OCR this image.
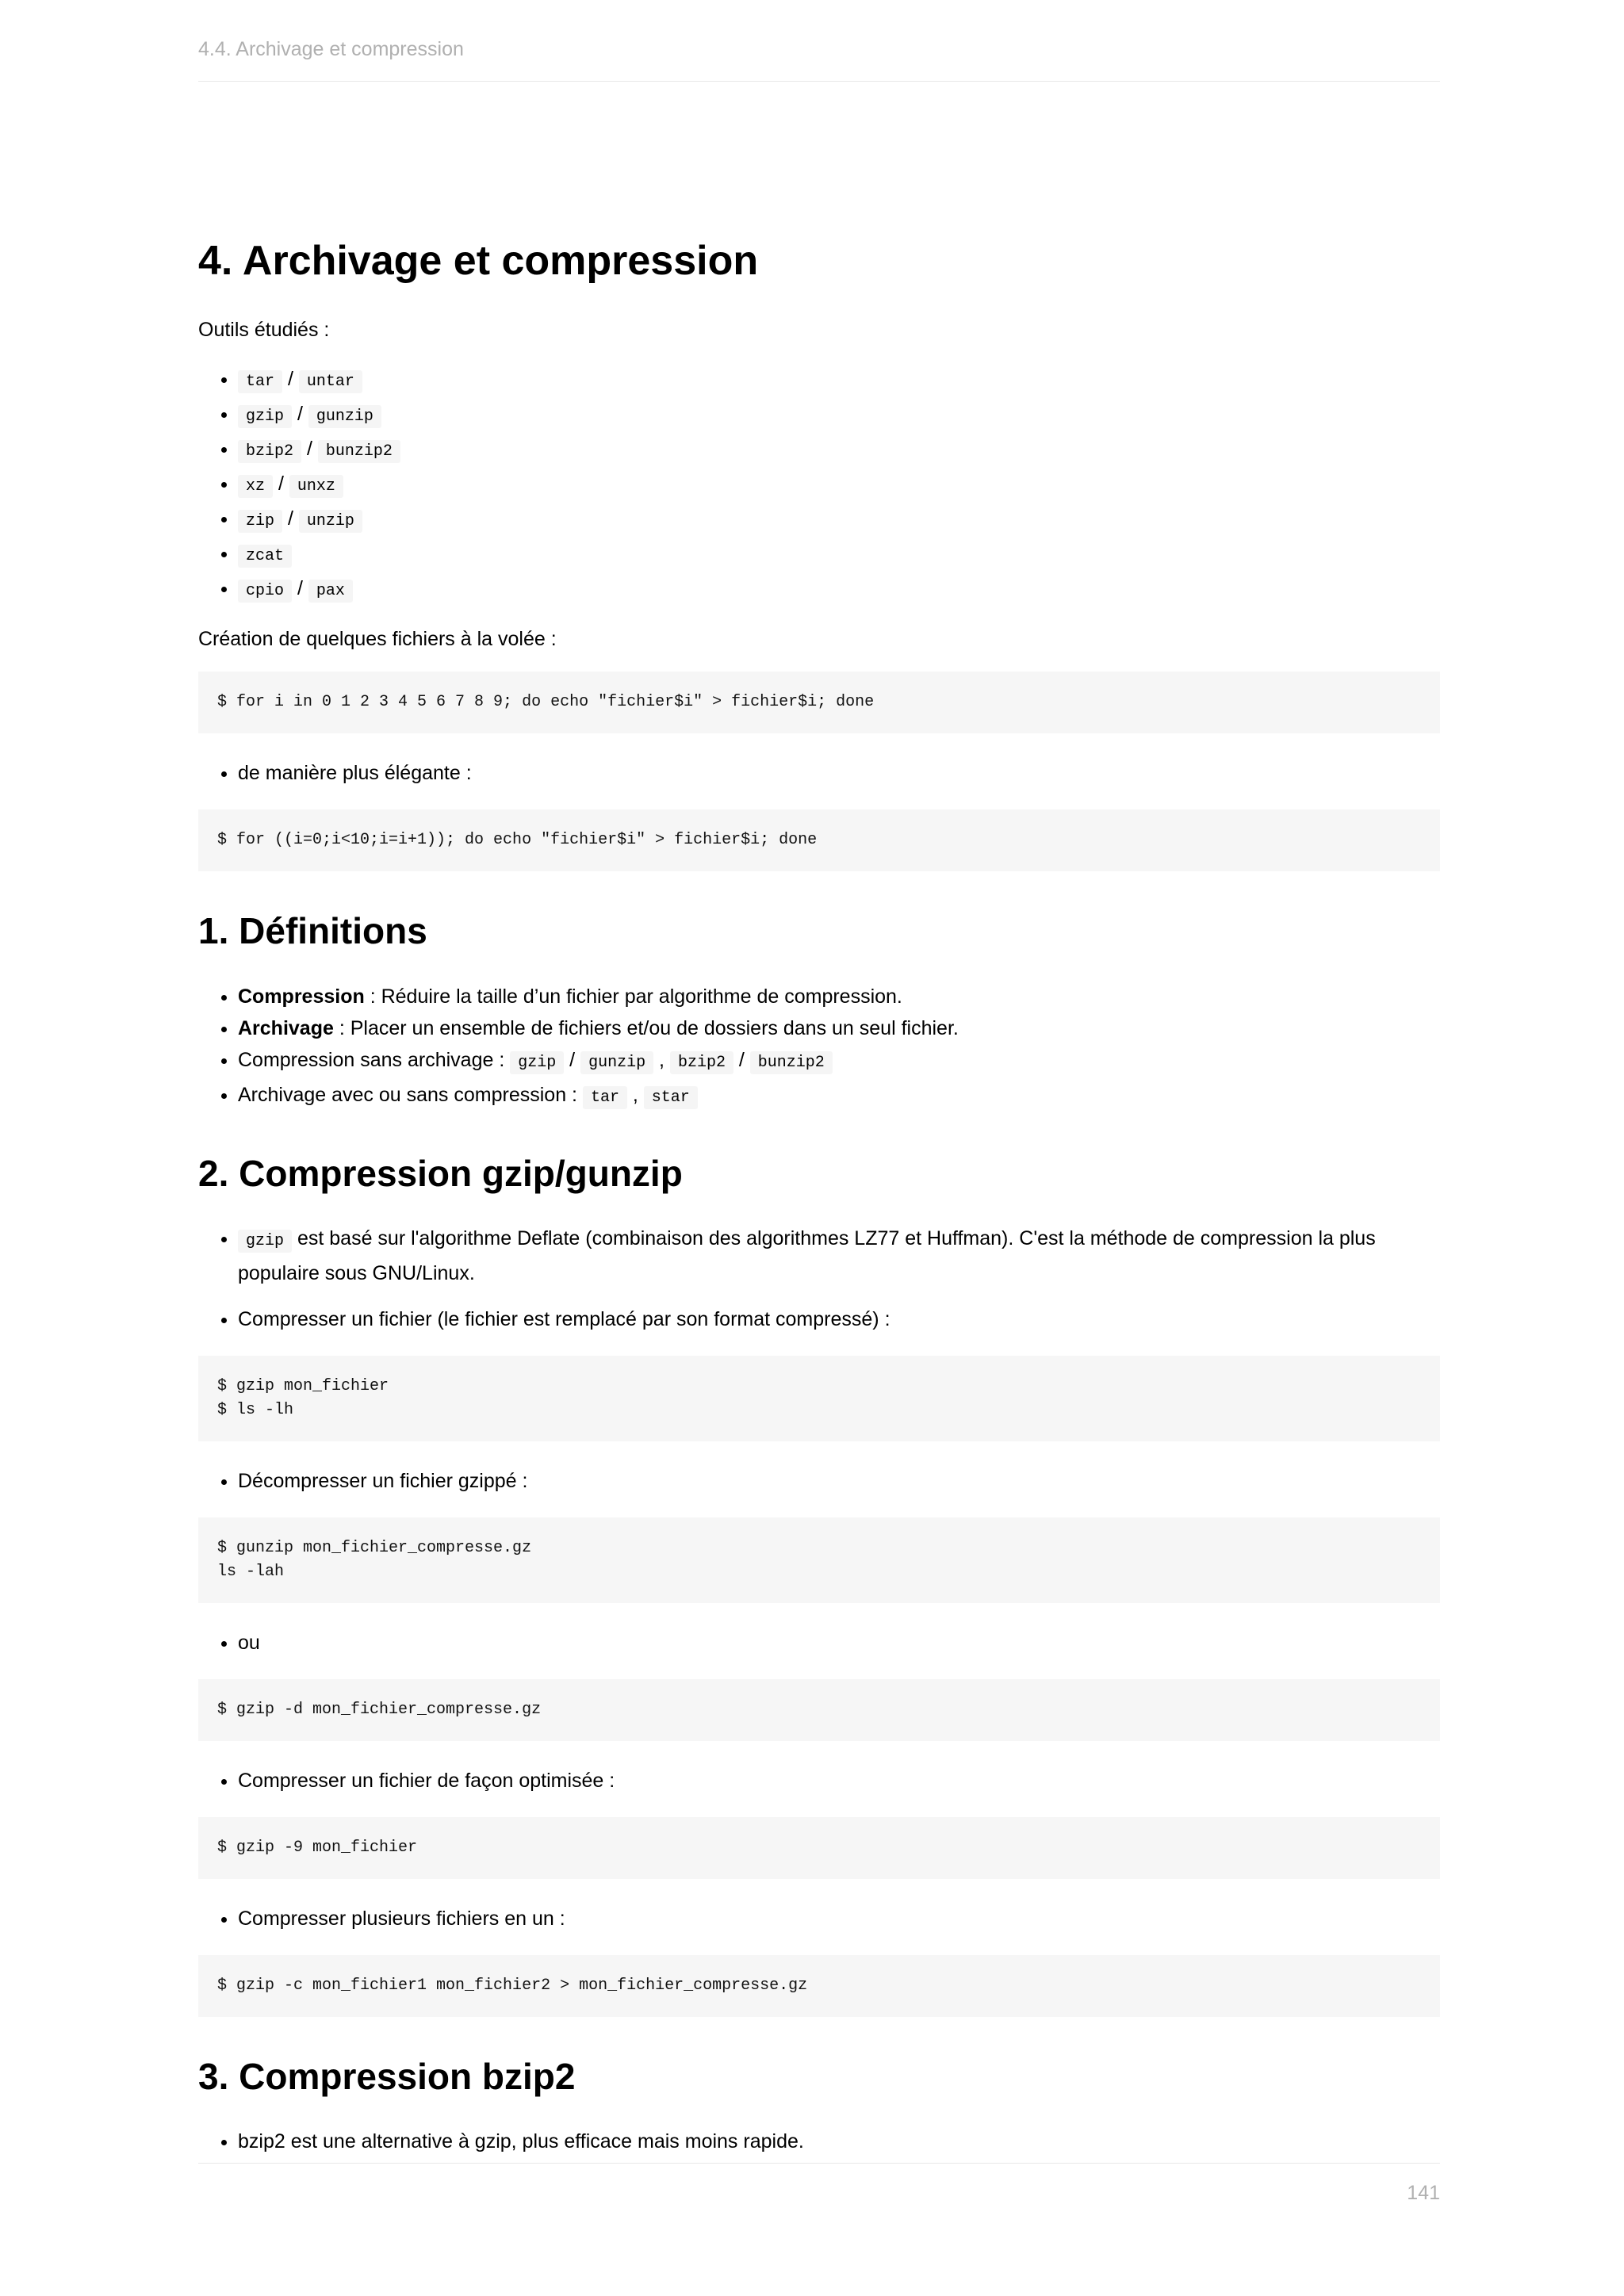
4.4. Archivage et compression
4. Archivage et compression

Outils étudiés :

• tar / untar
• gzip / gunzip
• bzip2 / bunzip2
• xz / unxz
• zip / unzip
• zcat
• cpio / pax

Création de quelques fichiers à la volée :

$ for i in 0 1 2 3 4 5 6 7 8 9; do echo "fichier$i" > fichier$i; done
• de manière plus élégante :
$ for ((i=0;i<10;i=i+1)); do echo "fichier$i" > fichier$i; done
1. Définitions
• Compression : Réduire la taille d’un fichier par algorithme de compression.
• Archivage : Placer un ensemble de fichiers et/ou de dossiers dans un seul fichier.
• Compression sans archivage : gzip / gunzip , bzip2 / bunzip2
• Archivage avec ou sans compression : tar , star
2. Compression gzip/gunzip
• gzip est basé sur l'algorithme Deflate (combinaison des algorithmes LZ77 et Huffman). C'est la méthode de compression la plus populaire sous GNU/Linux.
• Compresser un fichier (le fichier est remplacé par son format compressé) :
$ gzip mon_fichier
$ ls -lh
• Décompresser un fichier gzippé :
$ gunzip mon_fichier_compresse.gz
ls -lah
• ou
$ gzip -d mon_fichier_compresse.gz
• Compresser un fichier de façon optimisée :
$ gzip -9 mon_fichier
• Compresser plusieurs fichiers en un :
$ gzip -c mon_fichier1 mon_fichier2 > mon_fichier_compresse.gz
3. Compression bzip2
• bzip2 est une alternative à gzip, plus efficace mais moins rapide.
141
